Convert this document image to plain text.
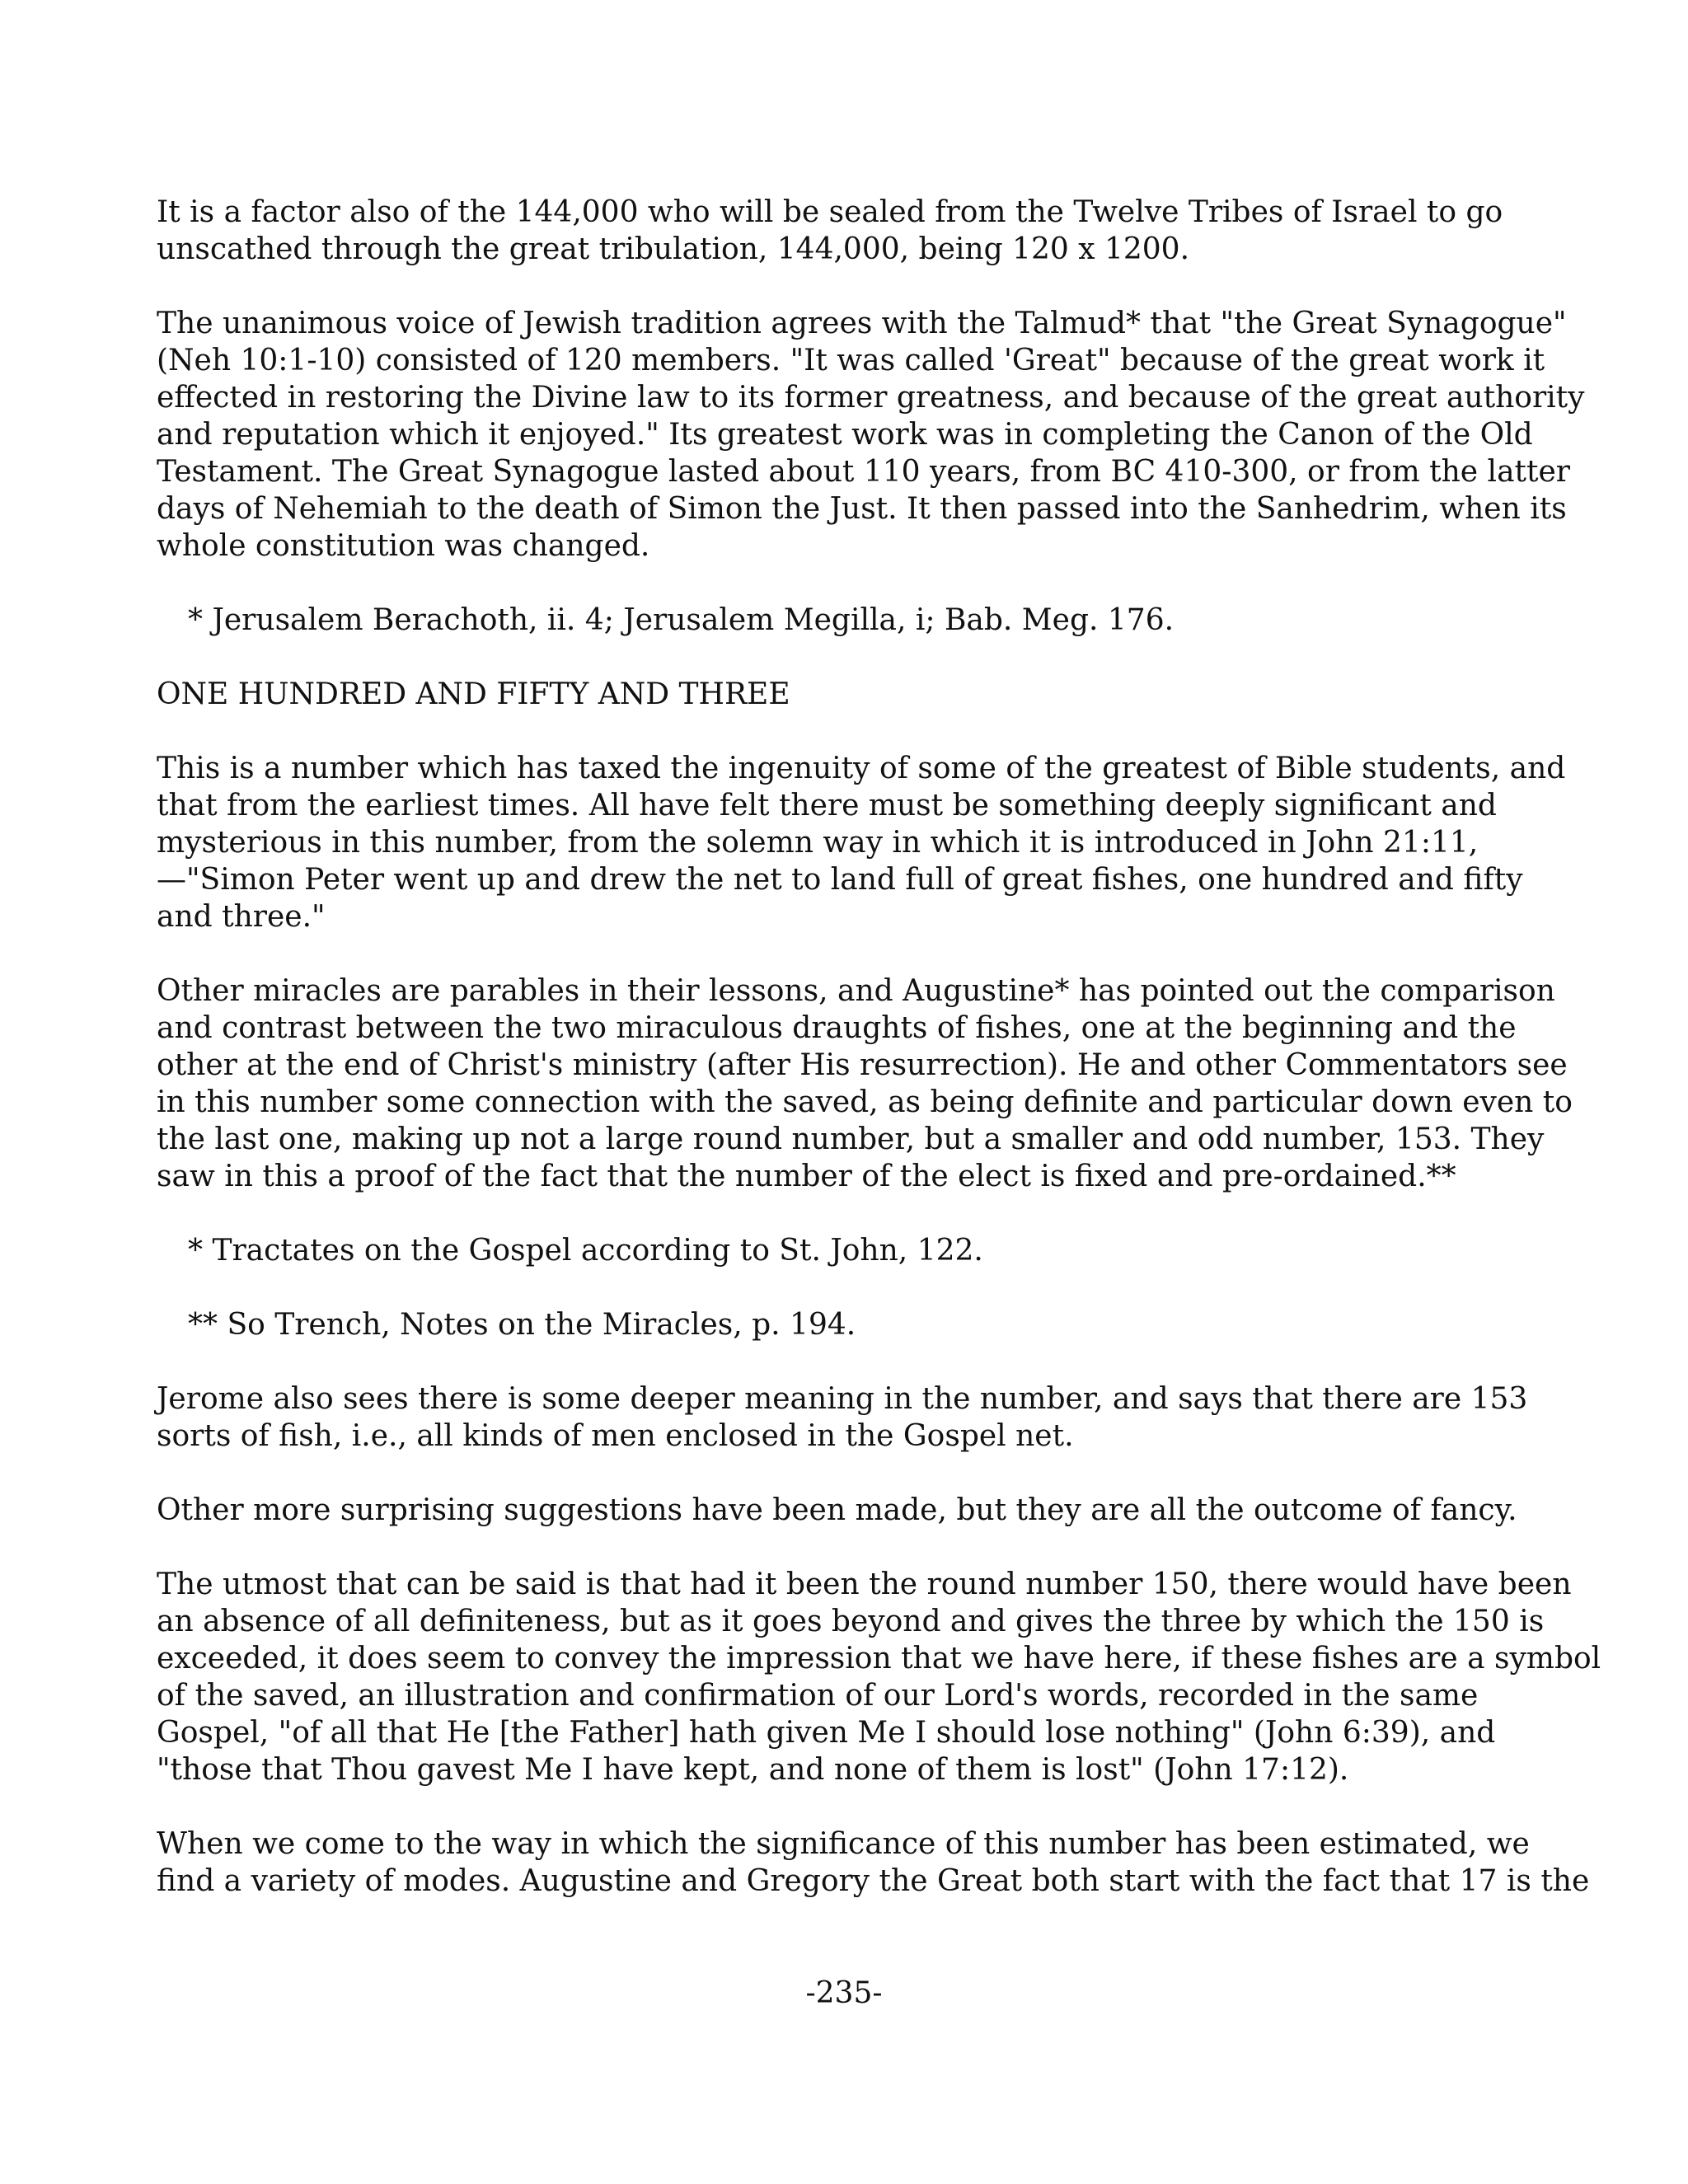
It is a factor also of the 144,000 who will be sealed from the Twelve Tribes of Israel to go
unscathed through the great tribulation, 144,000, being 120 x 1200.
The unanimous voice of Jewish tradition agrees with the Talmud* that "the Great Synagogue"
(Neh 10:1-10) consisted of 120 members. "It was called 'Great" because of the great work it
effected in restoring the Divine law to its former greatness, and because of the great authority
and reputation which it enjoyed." Its greatest work was in completing the Canon of the Old
Testament. The Great Synagogue lasted about 110 years, from BC 410-300, or from the latter
days of Nehemiah to the death of Simon the Just. It then passed into the Sanhedrim, when its
whole constitution was changed.
* Jerusalem Berachoth, ii. 4; Jerusalem Megilla, i; Bab. Meg. 176.
ONE HUNDRED AND FIFTY AND THREE
This is a number which has taxed the ingenuity of some of the greatest of Bible students, and
that from the earliest times. All have felt there must be something deeply significant and
mysterious in this number, from the solemn way in which it is introduced in John 21:11,
—"Simon Peter went up and drew the net to land full of great fishes, one hundred and fifty
and three."
Other miracles are parables in their lessons, and Augustine* has pointed out the comparison
and contrast between the two miraculous draughts of fishes, one at the beginning and the
other at the end of Christ's ministry (after His resurrection). He and other Commentators see
in this number some connection with the saved, as being definite and particular down even to
the last one, making up not a large round number, but a smaller and odd number, 153. They
saw in this a proof of the fact that the number of the elect is fixed and pre-ordained.**
* Tractates on the Gospel according to St. John, 122.
** So Trench, Notes on the Miracles, p. 194.
Jerome also sees there is some deeper meaning in the number, and says that there are 153
sorts of fish, i.e., all kinds of men enclosed in the Gospel net.
Other more surprising suggestions have been made, but they are all the outcome of fancy.
The utmost that can be said is that had it been the round number 150, there would have been
an absence of all definiteness, but as it goes beyond and gives the three by which the 150 is
exceeded, it does seem to convey the impression that we have here, if these fishes are a symbol
of the saved, an illustration and confirmation of our Lord's words, recorded in the same
Gospel, "of all that He [the Father] hath given Me I should lose nothing" (John 6:39), and
"those that Thou gavest Me I have kept, and none of them is lost" (John 17:12).
When we come to the way in which the significance of this number has been estimated, we
find a variety of modes. Augustine and Gregory the Great both start with the fact that 17 is the
-235-
